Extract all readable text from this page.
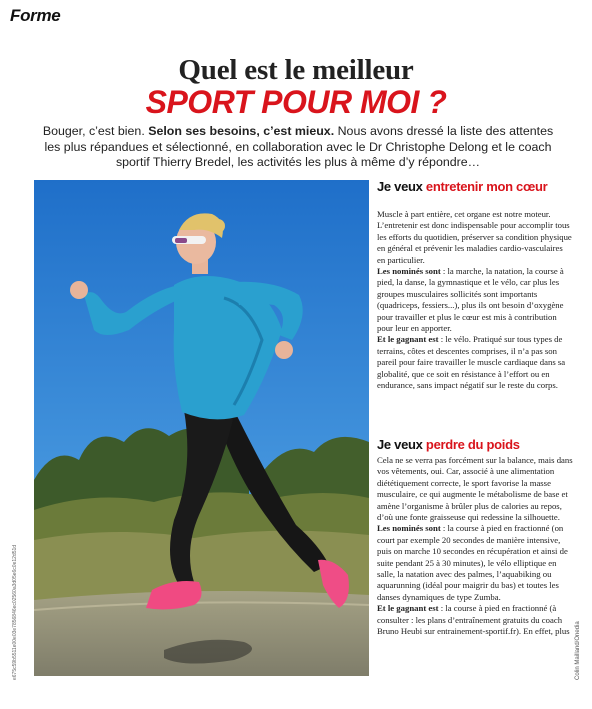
Forme
Quel est le meilleur
SPORT POUR MOI ?

Bouger, c’est bien. Selon ses besoins, c’est mieux. Nous avons dressé la liste des attentes les plus répandues et sélectionné, en collaboration avec le Dr Christophe Delong et le coach sportif Thierry Bredel, les activités les plus à même d’y répondre…

e675c59b5511e00e03e7856846ec02560a3d05e6c0e12d51d	Colin Mailland/Onedia
Je veux entretenir mon cœur

Muscle à part entière, cet organe est notre moteur. L’entretenir est donc indispensable pour accomplir tous les efforts du quotidien, préserver sa condition physique en général et prévenir les maladies cardio-vasculaires en particulier.

Les nominés sont : la marche, la natation, la course à pied, la danse, la gymnastique et le vélo, car plus les groupes musculaires sollicités sont importants (quadriceps, fessiers...), plus ils ont besoin d’oxygène pour travailler et plus le cœur est mis à contribution pour leur en apporter.

Et le gagnant est : le vélo. Pratiqué sur tous types de terrains, côtes et descentes comprises, il n’a pas son pareil pour faire travailler le muscle cardiaque dans sa globalité, que ce soit en résistance à l’effort ou en endurance, sans impact négatif sur le reste du corps.

Je veux perdre du poids

Cela ne se verra pas forcément sur la balance, mais dans vos vêtements, oui. Car, associé à une alimentation diététiquement correcte, le sport favorise la masse musculaire, ce qui augmente le métabolisme de base et amène l’organisme à brûler plus de calories au repos, d’où une fonte graisseuse qui redessine la silhouette.

Les nominés sont : la course à pied en fractionné (on court par exemple 20 secondes de manière intensive, puis on marche 10 secondes en récupération et ainsi de suite pendant 25 à 30 minutes), le vélo elliptique en salle, la natation avec des palmes, l’aquabiking ou aquarunning (idéal pour maigrir du bas) et toutes les danses dynamiques de type Zumba.

Et le gagnant est : la course à pied en fractionné (à consulter : les plans d’entraînement gratuits du coach Bruno Heubi sur entrainement-sportif.fr). En effet, plus
